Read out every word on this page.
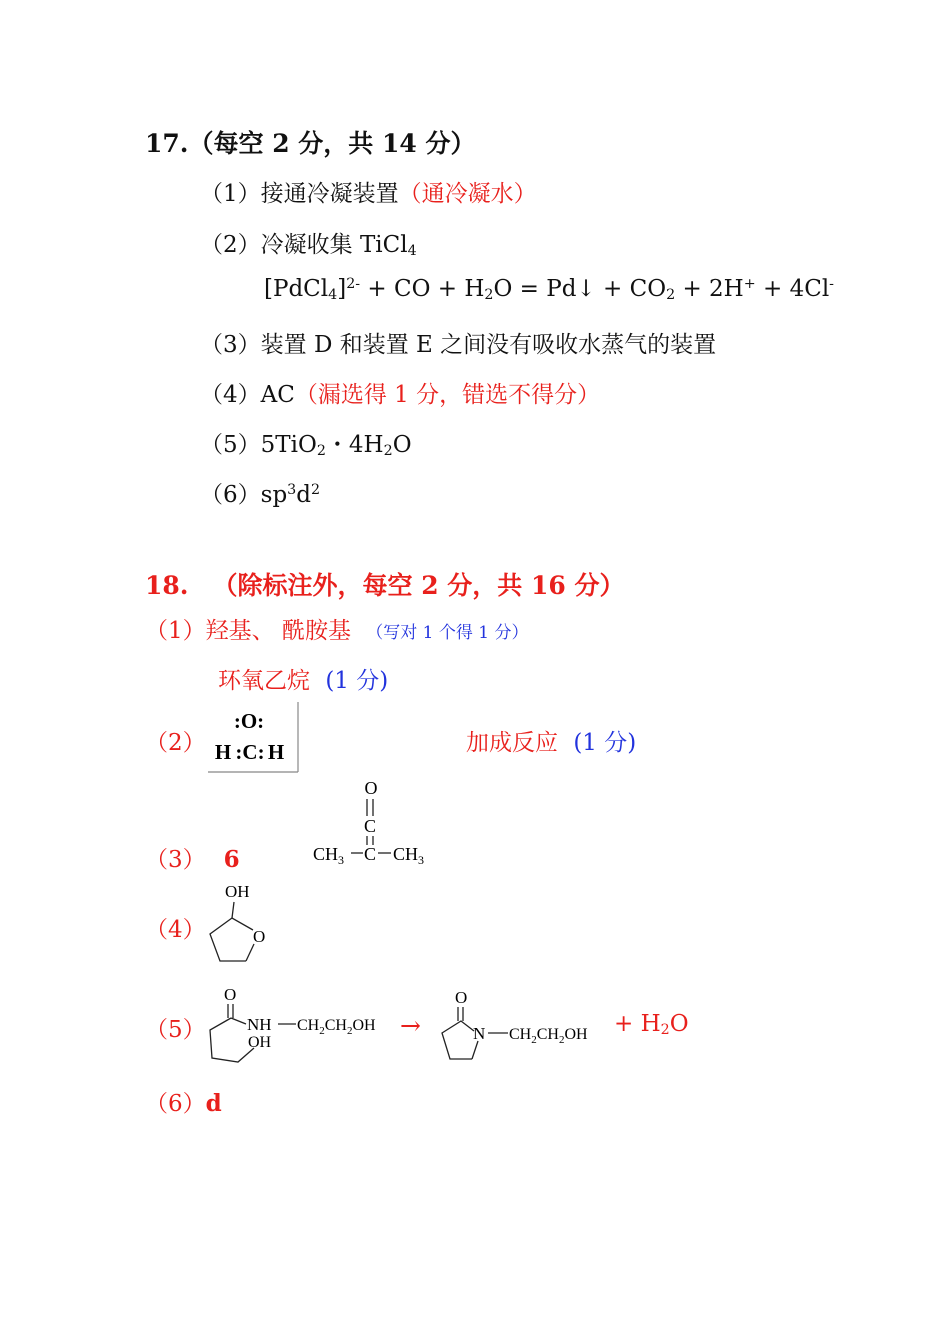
17.（每空 2 分，共 14 分）
（1）接通冷凝装置（通冷凝水）
（2）冷凝收集 TiCl$_4$
[PdCl$_4$]$^{2-}$ + CO + $H_2O$ = Pd↓ + $CO_2 + 2H^+ + 4Cl^-$
（3）装置 D 和装置 E 之间没有吸收水蒸气的装置
（4）AC（漏选得 1 分，错选不得分）
（5）5TiO$_2$・$4H_2O$
$(6)sp^3d^2$
18. （除标注外，每空 2 分，共 16 分）
（1）羟基、 酰胺基 （写对 1 个得 1 分）
环氧乙烷 (1 分)
（2）
:O:
H :C: H	加成反应 (1 分)
（3） 6
O
C
$CH_3$ C $CH_3$
（4）
OH
O
（5）
O
NH $CH_2CH_2OH$
OH
→
O
N $CH_2CH_2OH + H_2O$
（6）d
